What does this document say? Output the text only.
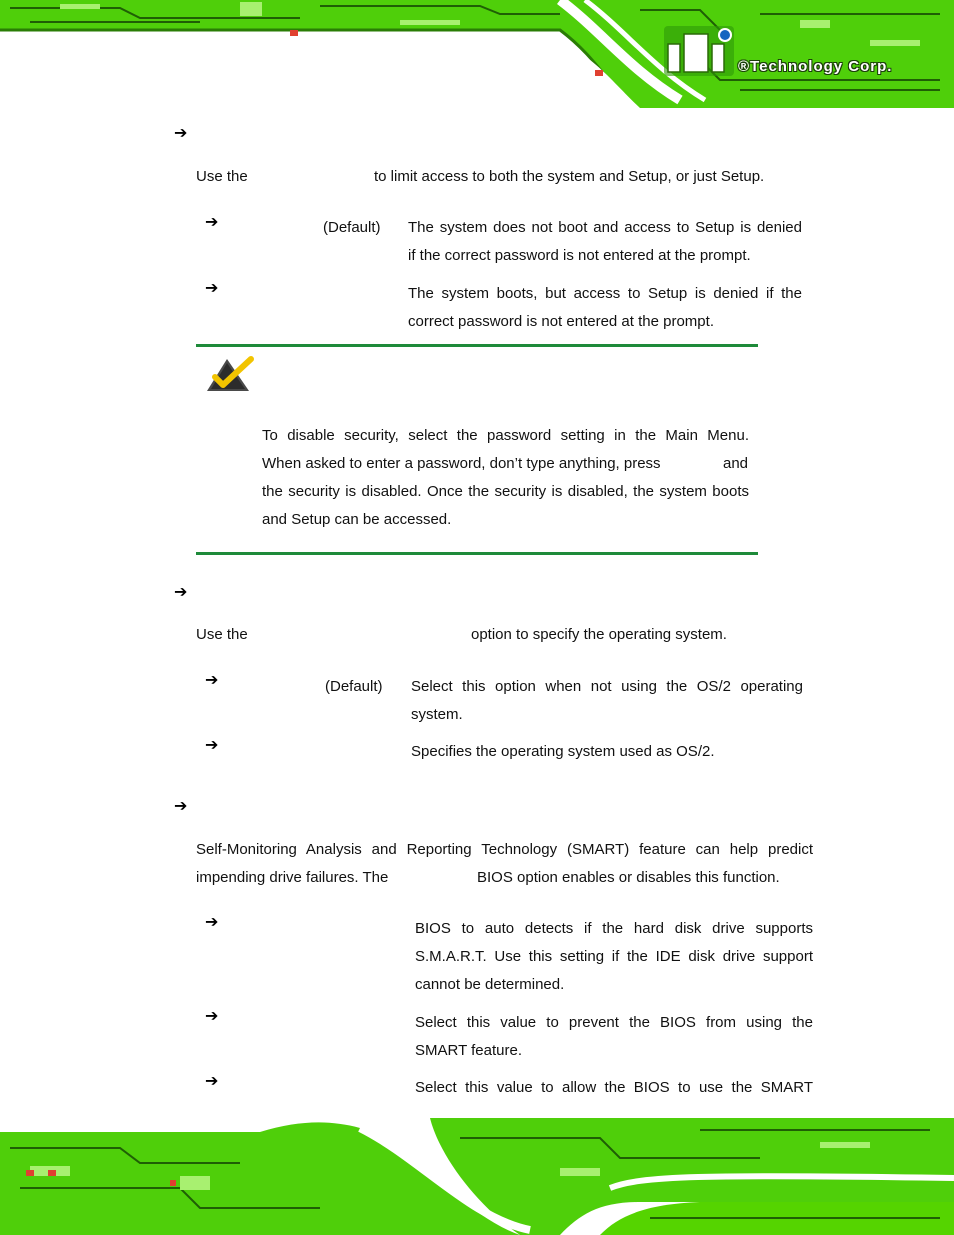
®Technology Corp.
➔
Use the	to limit access to both the system and Setup, or just Setup.
➔	(Default) The system does not boot and access to Setup is denied
if the correct password is not entered at the prompt.
➔	The system boots, but access to Setup is denied if the
correct password is not entered at the prompt.
To disable security, select the password setting in the Main Menu.
When asked to enter a password, don’t type anything, press	and
the security is disabled. Once the security is disabled, the system boots
and Setup can be accessed.
➔
Use the	option to specify the operating system.
➔	(Default) Select this option when not using the OS/2 operating
system.
➔	Specifies the operating system used as OS/2.
➔
Self-Monitoring Analysis and Reporting Technology (SMART) feature can help predict
impending drive failures. The	BIOS option enables or disables this function.
➔	BIOS to auto detects if the hard disk drive supports
S.M.A.R.T. Use this setting if the IDE disk drive support
cannot be determined.
➔	Select this value to prevent the BIOS from using the
SMART feature.
➔	Select this value to allow the BIOS to use the SMART
